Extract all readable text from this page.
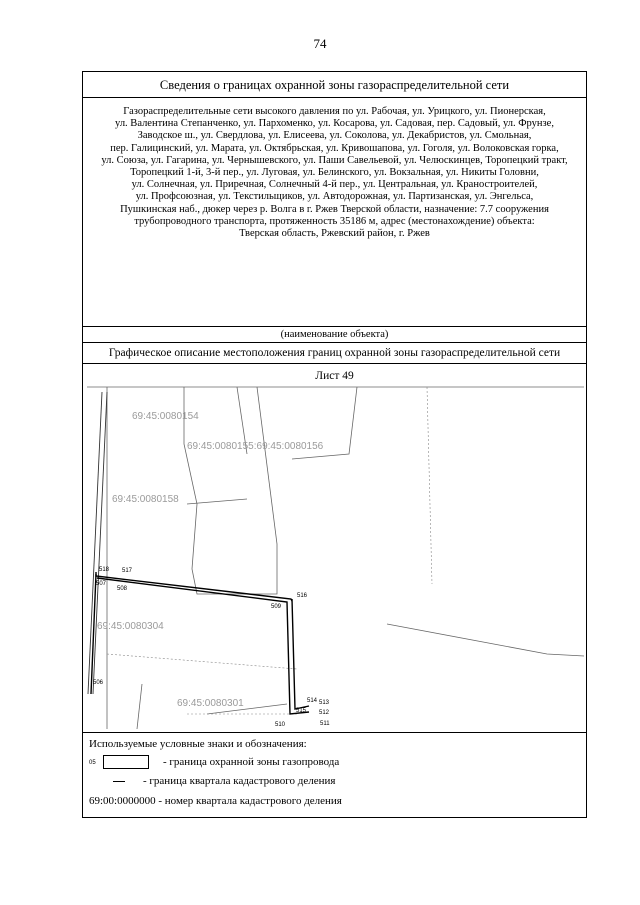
74
Сведения о границах охранной зоны газораспределительной сети
Газораспределительные сети высокого давления по ул. Рабочая, ул. Урицкого, ул. Пионерская,
ул. Валентина Степанченко, ул. Пархоменко, ул. Косарова, ул. Садовая, пер. Садовый, ул. Фрунзе,
Заводское ш., ул. Свердлова, ул. Елисеева, ул. Соколова, ул. Декабристов, ул. Смольная,
пер. Галицинский, ул. Марата, ул. Октябрьская, ул. Кривошапова, ул. Гоголя, ул. Волоковская горка,
ул. Союза, ул. Гагарина, ул. Чернышевского, ул. Паши Савельевой, ул. Челюскинцев, Торопецкий тракт,
Торопецкий 1-й, 3-й пер., ул. Луговая, ул. Белинского, ул. Вокзальная, ул. Никиты Головни,
ул. Солнечная, ул. Приречная, Солнечный 4-й пер., ул. Центральная, ул. Краностроителей,
ул. Профсоюзная, ул. Текстильщиков, ул. Автодорожная, ул. Партизанская, ул. Энгельса,
Пушкинская наб., дюкер через р. Волга в г. Ржев Тверской области, назначение: 7.7 сооружения
трубопроводного транспорта, протяженность 35186 м, адрес (местонахождение) объекта:
Тверская область, Ржевский район, г. Ржев
(наименование объекта)
Графическое описание местоположения границ охранной зоны газораспределительной сети
Лист 49
69:45:0080154
69:45:0080155:69:45:0080156
69:45:0080158
69:45:0080304
69:45:0080301
518 517
507
508
516
509
506
514 513
515 512
510	511
05
Используемые условные знаки и обозначения:
- граница охранной зоны газопровода
- граница квартала кадастрового деления
69:00:0000000 - номер квартала кадастрового деления
